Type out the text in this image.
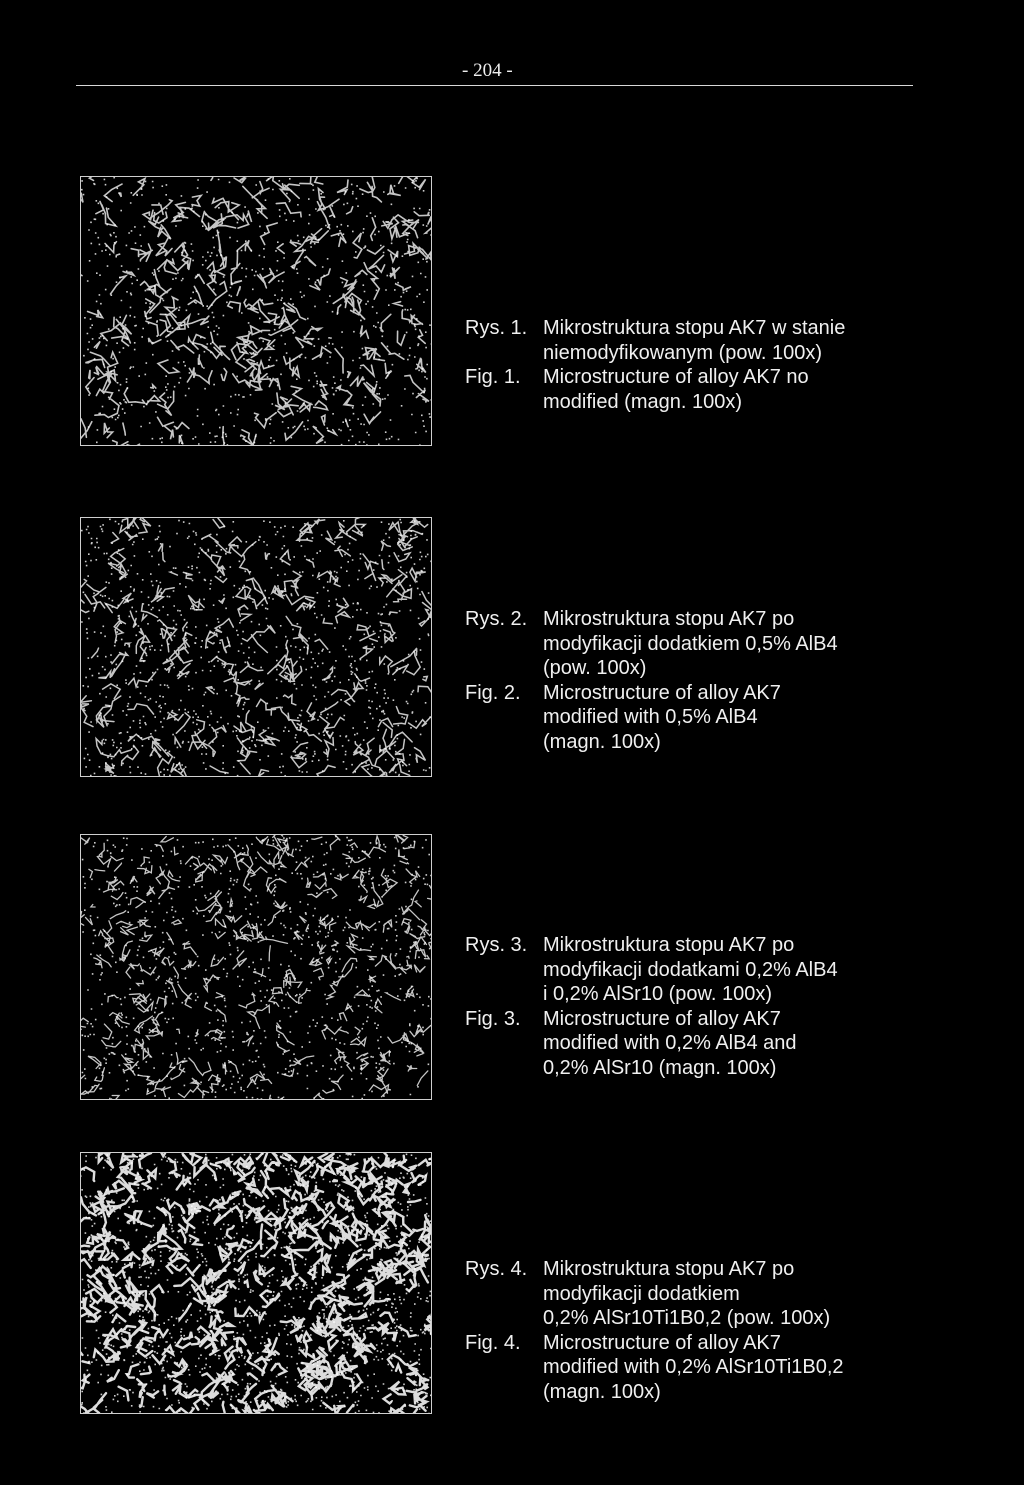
- 204 -
Rys. 1. Mikrostruktura stopu AK7 w stanie
niemodyfikowanym (pow. 100x)
Fig. 1.	Microstructure of alloy AK7 no
modified (magn. 100x)
Rys. 2. Mikrostruktura stopu AK7 po
modyfikacji dodatkiem 0,5% AlB4
(pow. 100x)
Fig. 2.	Microstructure of alloy AK7
modified with 0,5% AlB4
(magn. 100x)
Rys. 3. Mikrostruktura stopu AK7 po
modyfikacji dodatkami 0,2% AlB4
i 0,2% AlSr10 (pow. 100x)
Fig. 3.	Microstructure of alloy AK7
modified with 0,2% AlB4 and
0,2% AlSr10 (magn. 100x)
Rys. 4. Mikrostruktura stopu AK7 po
modyfikacji dodatkiem
0,2% AlSr10Ti1B0,2 (pow. 100x)
Fig. 4.	Microstructure of alloy AK7
modified with 0,2% AlSr10Ti1B0,2
(magn. 100x)
